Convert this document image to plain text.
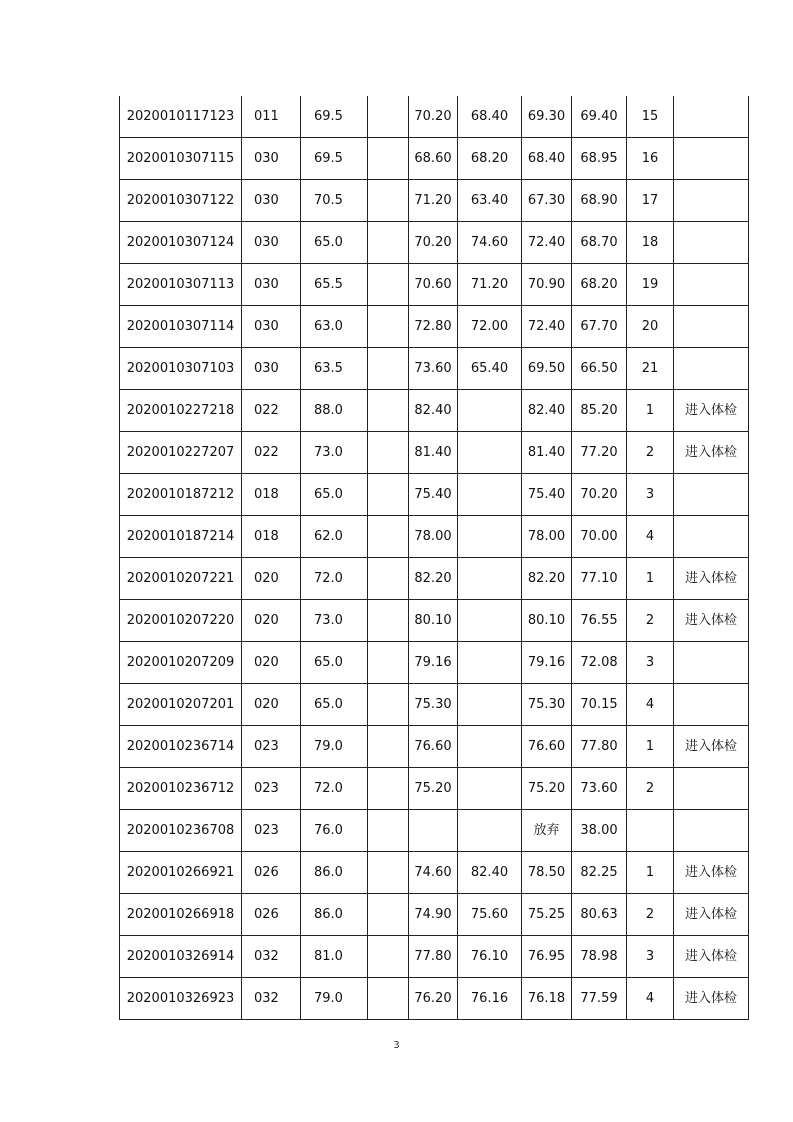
2020010117123	011	69.5		70.20	68.40	69.30	69.40	15	
2020010307115	030	69.5		68.60	68.20	68.40	68.95	16	
2020010307122	030	70.5		71.20	63.40	67.30	68.90	17	
2020010307124	030	65.0		70.20	74.60	72.40	68.70	18	
2020010307113	030	65.5		70.60	71.20	70.90	68.20	19	
2020010307114	030	63.0		72.80	72.00	72.40	67.70	20	
2020010307103	030	63.5		73.60	65.40	69.50	66.50	21	
2020010227218	022	88.0		82.40		82.40	85.20	1	进入体检
2020010227207	022	73.0		81.40		81.40	77.20	2	进入体检
2020010187212	018	65.0		75.40		75.40	70.20	3	
2020010187214	018	62.0		78.00		78.00	70.00	4	
2020010207221	020	72.0		82.20		82.20	77.10	1	进入体检
2020010207220	020	73.0		80.10		80.10	76.55	2	进入体检
2020010207209	020	65.0		79.16		79.16	72.08	3	
2020010207201	020	65.0		75.30		75.30	70.15	4	
2020010236714	023	79.0		76.60		76.60	77.80	1	进入体检
2020010236712	023	72.0		75.20		75.20	73.60	2	
2020010236708	023	76.0				放弃	38.00		
2020010266921	026	86.0		74.60	82.40	78.50	82.25	1	进入体检
2020010266918	026	86.0		74.90	75.60	75.25	80.63	2	进入体检
2020010326914	032	81.0		77.80	76.10	76.95	78.98	3	进入体检
2020010326923	032	79.0		76.20	76.16	76.18	77.59	4	进入体检
3
